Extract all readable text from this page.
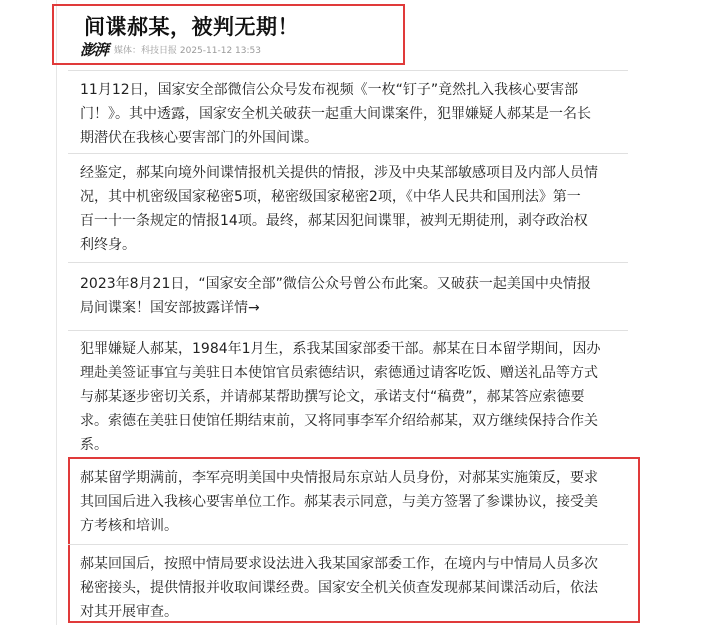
间谍郝某，被判无期！
澎湃 媒体：科技日报 2025-11-12 13:53

11月12日，国家安全部微信公众号发布视频《一枚“钉子”竟然扎入我核心要害部
门！》。其中透露，国家安全机关破获一起重大间谍案件，犯罪嫌疑人郝某是一名长
期潜伏在我核心要害部门的外国间谍。

经鉴定，郝某向境外间谍情报机关提供的情报，涉及中央某部敏感项目及内部人员情
况，其中机密级国家秘密5项，秘密级国家秘密2项，《中华人民共和国刑法》第一
百一十一条规定的情报14项。最终，郝某因犯间谍罪，被判无期徒刑，剥夺政治权
利终身。

2023年8月21日，“国家安全部”微信公众号曾公布此案。又破获一起美国中央情报
局间谍案！国安部披露详情→

犯罪嫌疑人郝某，1984年1月生，系我某国家部委干部。郝某在日本留学期间，因办
理赴美签证事宜与美驻日本使馆官员索德结识，索德通过请客吃饭、赠送礼品等方式
与郝某逐步密切关系，并请郝某帮助撰写论文，承诺支付“稿费”，郝某答应索德要
求。索德在美驻日使馆任期结束前，又将同事李军介绍给郝某，双方继续保持合作关
系。

郝某留学期满前，李军亮明美国中央情报局东京站人员身份，对郝某实施策反，要求
其回国后进入我核心要害单位工作。郝某表示同意，与美方签署了参谍协议，接受美
方考核和培训。

郝某回国后，按照中情局要求设法进入我某国家部委工作，在境内与中情局人员多次
秘密接头，提供情报并收取间谍经费。国家安全机关侦查发现郝某间谍活动后，依法
对其开展审查。
